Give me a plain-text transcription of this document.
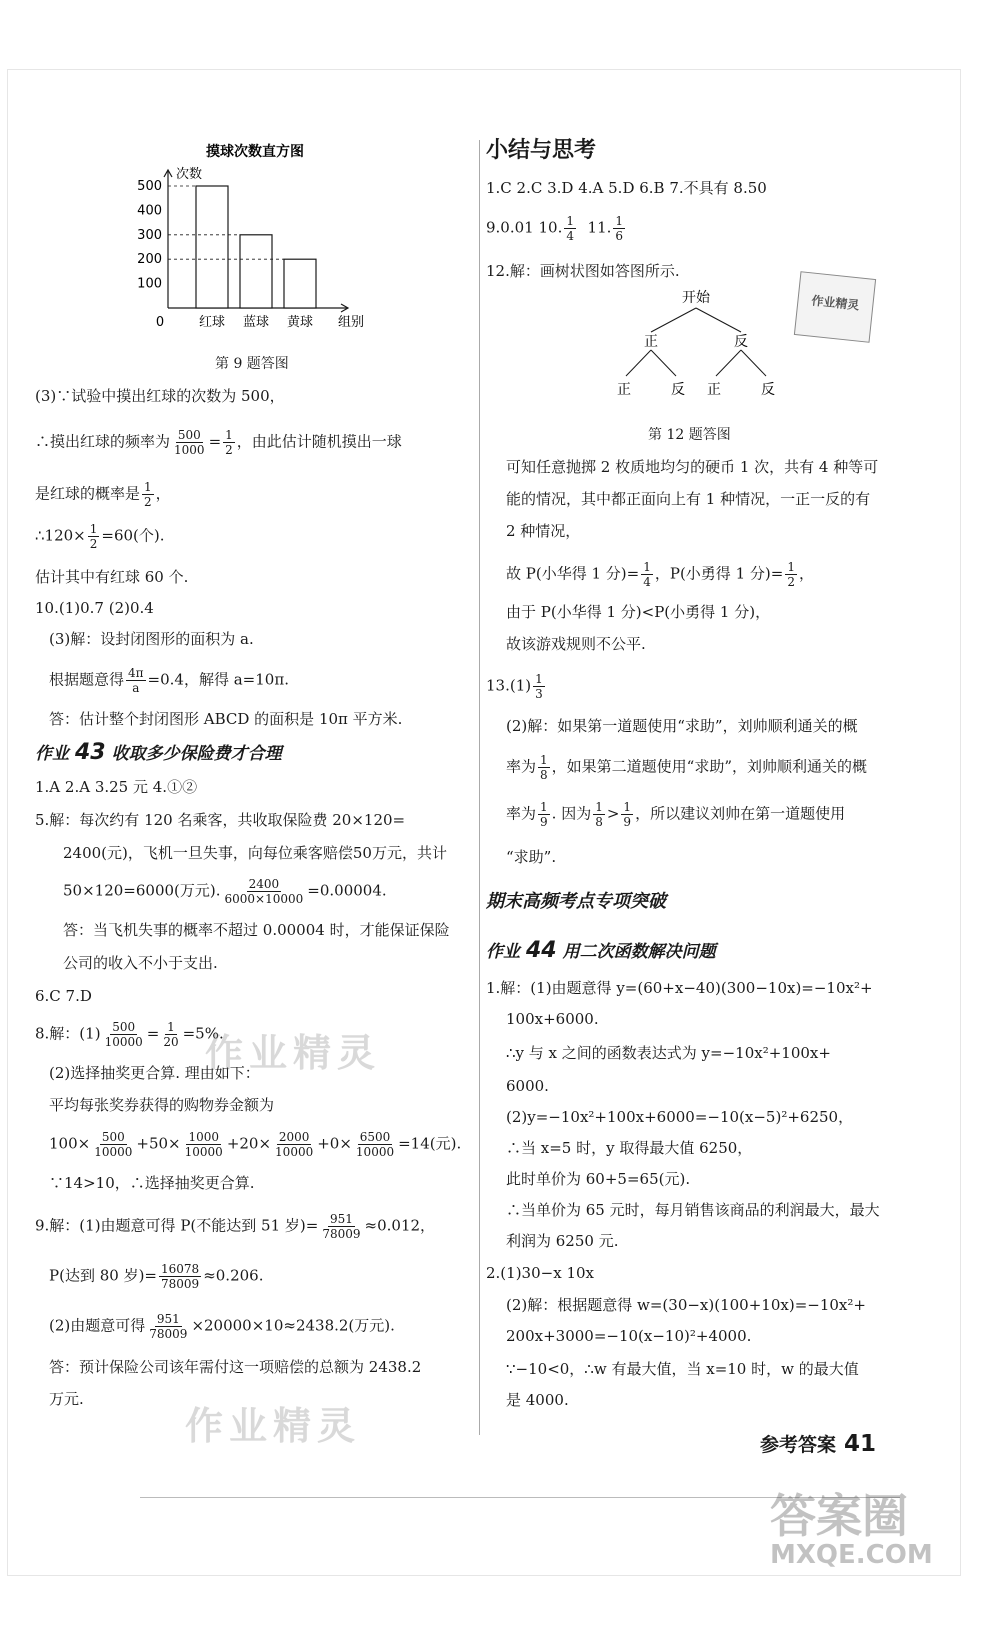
摸球次数直方图
次数
组别
0
100
200
300
400
500
红球 蓝球 黄球
第 9 题答图
(3)∵试验中摸出红球的次数为 500，
∴摸出红球的频率为 $\frac{500}{1000} = \frac{1}{2}$ ，由此估计随机摸出一球
是红球的概率是 $\frac{1}{2}$ ，
∴120× $\frac{1}{2} =60$(个).
估计其中有红球 60 个.
10.(1)0.7 (2)0.4
(3)解：设封闭图形的面积为 a.
根据题意得 $\frac{4\pi}{a} =0.4$，解得 a=10π.
答：估计整个封闭图形 ABCD 的面积是 10π 平方米.
作业 43 收取多少保险费才合理
1.A 2.A 3.25 元 4.①②
5.解：每次约有 120 名乘客，共收取保险费 20×120=
2400(元)，飞机一旦失事，向每位乘客赔偿50万元，共计
50×120=6000(万元). $\frac{2400}{6000\times 10000} =0.00004$.
答：当飞机失事的概率不超过 0.00004 时，才能保证保险
公司的收入不小于支出.
6.C 7.D
8.解：$(1) \frac{500}{10000} = \frac{1}{20} =5\%$.
(2)选择抽奖更合算. 理由如下：
平均每张奖券获得的购物券金额为
$100\times \frac{500}{10000} +50\times \frac{1000}{10000} +20\times \frac{2000}{10000} +0\times \frac{6500}{10000} =14$(元).
∵14>10，∴选择抽奖更合算.
9.解：(1)由题意可得 P(不能达到 51 岁)= $\frac{951}{78009} \approx 0.012$，
P(达到 80 岁)= $\frac{16078}{78009} \approx 0.206$.
(2)由题意可得 $\frac{951}{78009} \times 20000\times 10\approx 2438.2$(万元).
答：预计保险公司该年需付这一项赔偿的总额为 2438.2
万元.
小结与思考
1.C 2.C 3.D 4.A 5.D 6.B 7.不具有 8.50
9.0.01 10. $\frac{1}{4} 11$. $\frac{1}{6}$
12.解：画树状图如答图所示.
开始
正	反
正	反 正	反
第 12 题答图
可知任意抛掷 2 枚质地均匀的硬币 1 次，共有 4 种等可
能的情况，其中都正面向上有 1 种情况，一正一反的有
2 种情况，
故 P(小华得 1 分)= $\frac{1}{4}$ ，P(小勇得 1 分)= $\frac{1}{2}$ ，
由于 P(小华得 1 分)<P(小勇得 1 分)，
故该游戏规则不公平.
$13.(1) \frac{1}{3}$
(2)解：如果第一道题使用“求助”，刘帅顺利通关的概
率为 $\frac{1}{8}$ ，如果第二道题使用“求助”，刘帅顺利通关的概
率为 $\frac{1}{9}$ . 因为 $\frac{1}{8} > \frac{1}{9}$ ，所以建议刘帅在第一道题使用
“求助”.
期末高频考点专项突破
作业 44 用二次函数解决问题
1.解：(1)由题意得 y=(60+x−40)(300−10x)=−10x²+
100x+6000.
∴y 与 x 之间的函数表达式为 y=−10x²+100x+
6000.
(2)y=−10x²+100x+6000=−10(x−5)²+6250，
∴当 x=5 时，y 取得最大值 6250，
此时单价为 60+5=65(元).
∴当单价为 65 元时，每月销售该商品的利润最大，最大
利润为 6250 元.
2.(1)30−x 10x
(2)解：根据题意得 w=(30−x)(100+10x)=−10x²+
200x+3000=−10(x−10)²+4000.
∵−10<0，∴w 有最大值，当 x=10 时，w 的最大值
是 4000.
作业精灵
作业精灵
作业精灵	参考答案 41
答案圈
MXQE.COM
